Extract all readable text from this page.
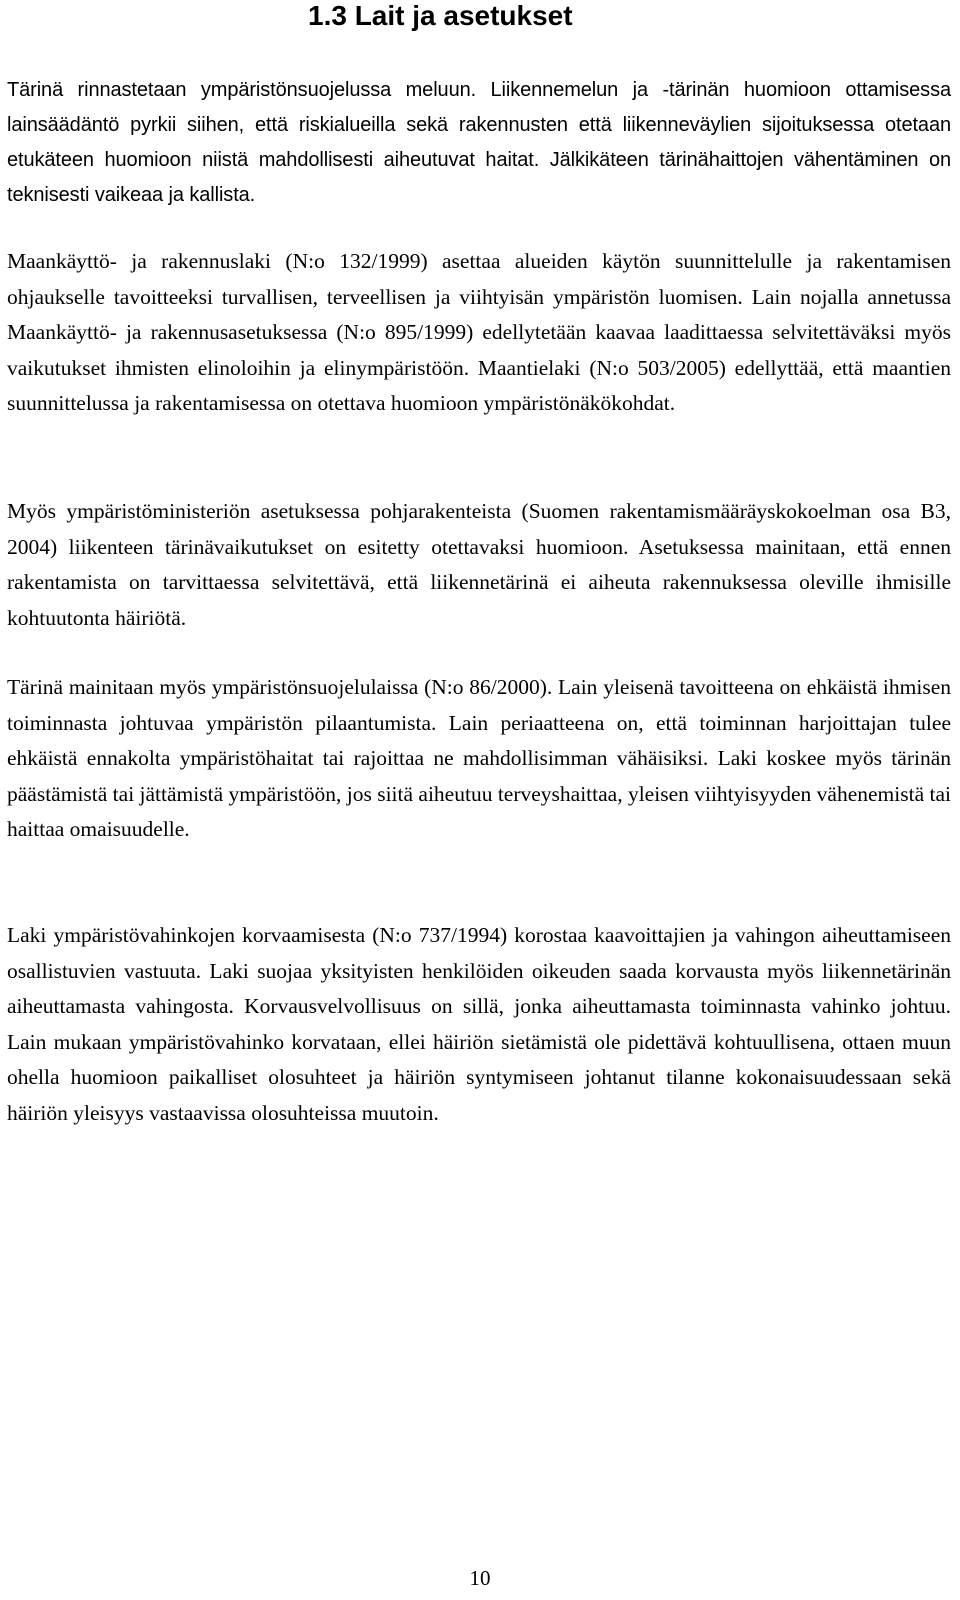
1.3 Lait ja asetukset

Tärinä rinnastetaan ympäristönsuojelussa meluun. Liikennemelun ja -tärinän huomioon ottamisessa lainsäädäntö pyrkii siihen, että riskialueilla sekä rakennusten että liikenneväylien sijoituksessa otetaan etukäteen huomioon niistä mahdollisesti aiheutuvat haitat. Jälkikäteen tärinähaittojen vähentäminen on teknisesti vaikeaa ja kallista.

Maankäyttö- ja rakennuslaki (N:o 132/1999) asettaa alueiden käytön suunnittelulle ja rakentamisen ohjaukselle tavoitteeksi turvallisen, terveellisen ja viihtyisän ympäristön luomisen. Lain nojalla annetussa Maankäyttö- ja rakennusasetuksessa (N:o 895/1999) edellytetään kaavaa laadittaessa selvitettäväksi myös vaikutukset ihmisten elinoloihin ja elinympäristöön. Maantielaki (N:o 503/2005) edellyttää, että maantien suunnittelussa ja rakentamisessa on otettava huomioon ympäristönäkökohdat.

Myös ympäristöministeriön asetuksessa pohjarakenteista (Suomen rakentamismääräyskokoelman osa B3, 2004) liikenteen tärinävaikutukset on esitetty otettavaksi huomioon. Asetuksessa mainitaan, että ennen rakentamista on tarvittaessa selvitettävä, että liikennetärinä ei aiheuta rakennuksessa oleville ihmisille kohtuutonta häiriötä.

Tärinä mainitaan myös ympäristönsuojelulaissa (N:o 86/2000). Lain yleisenä tavoitteena on ehkäistä ihmisen toiminnasta johtuvaa ympäristön pilaantumista. Lain periaatteena on, että toiminnan harjoittajan tulee ehkäistä ennakolta ympäristöhaitat tai rajoittaa ne mahdollisimman vähäisiksi. Laki koskee myös tärinän päästämistä tai jättämistä ympäristöön, jos siitä aiheutuu terveyshaittaa, yleisen viihtyisyyden vähenemistä tai haittaa omaisuudelle.

Laki ympäristövahinkojen korvaamisesta (N:o 737/1994) korostaa kaavoittajien ja vahingon aiheuttamiseen osallistuvien vastuuta. Laki suojaa yksityisten henkilöiden oikeuden saada korvausta myös liikennetärinän aiheuttamasta vahingosta. Korvausvelvollisuus on sillä, jonka aiheuttamasta toiminnasta vahinko johtuu. Lain mukaan ympäristövahinko korvataan, ellei häiriön sietämistä ole pidettävä kohtuullisena, ottaen muun ohella huomioon paikalliset olosuhteet ja häiriön syntymiseen johtanut tilanne kokonaisuudessaan sekä häiriön yleisyys vastaavissa olosuhteissa muutoin.

10
